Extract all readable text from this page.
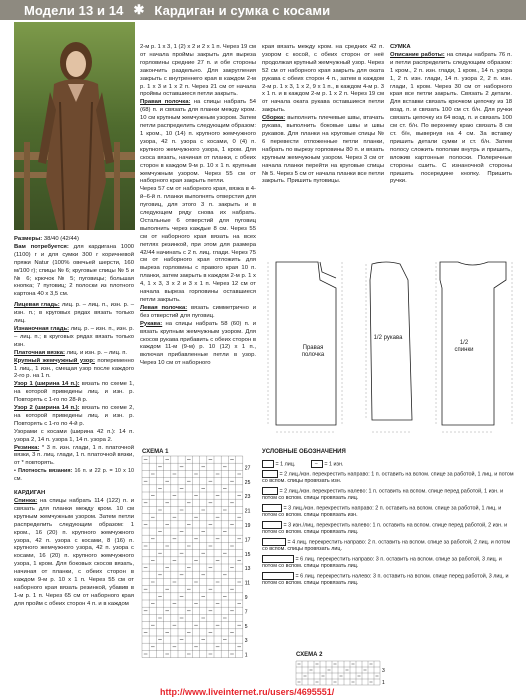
Модели 13 и 14 ✱ Кардиган и сумка с косами

Размеры: 38/40 (42/44)

Вам потребуется: для кардигана 1000 (1100) г и для сумки 300 г коричневой пряжи Natur (100% овечьей шерсти, 160 м/100 г); спицы № 6; круговые спицы № 5 и № 6; крючок № 5; пуговицы; большая кнопка; 7 пуговиц; 2 полоски из плотного картона 40 х 3,5 см.

Лицевая гладь: лиц. р. – лиц. п., изн. р. – изн. п.; в круговых рядах вязать только лиц.

Изнаночная гладь: лиц. р. – изн. п., изн. р. – лиц. п.; в круговых рядах вязать только изн.

Платочная вязка: лиц. и изн. р. – лиц. п.

Крупный жемчужный узор: попеременно 1 лиц., 1 изн., смещая узор после каждого 2-го р. на 1 п.

Узор 1 (ширина 14 п.): вязать по схеме 1, на которой приведены лиц. и изн. р. Повторять с 1-го по 28-й р.

Узор 2 (ширина 14 п.): вязать по схеме 2, на которой приведены лиц. и изн. р. Повторять с 1-го по 4-й р.

Узорами с косами (ширина 42 п.): 14 п. узора 2, 14 п. узора 1, 14 п. узора 2.

Резинка: * 3 п. изн. глади, 1 п. платочной вязки, 3 п. лиц. глади, 1 п. платочной вязки, от * повторять.

• Плотность вязания: 16 п. и 22 р. = 10 х 10 см.

КАРДИГАН

Спинка: на спицы набрать 114 (122) п. и связать для планки между кром. 10 см крупным жемчужным узором. Затем петли распределить следующим образом: 1 кром., 16 (20) п. крупного жемчужного узора, 42 п. узора с косами, 8 (16) п. крупного жемчужного узора, 42 п. узора с косами, 16 (20) п. крупного жемчужного узора, 1 кром. Для боковых скосов вязать, начиная от планки, с обеих сторон в каждом 9-м р. 10 х 1 п. Через 55 см от наборного края вязать резинкой, убавив в 1-м р. 1 п. Через 65 см от наборного края для пройм с обеих сторон 4 п. и в каждом

2-м р. 1 х 3, 1 (2) х 2 и 2 х 1 п. Через 19 см от начала проймы закрыть для выреза горловины средние 27 п. и обе стороны закончить раздельно. Для закругления закрыть с внутреннего края в каждом 2-м р. 1 х 3 и 1 х 2 п. Через 21 см от начала проймы оставшиеся петли закрыть.

Правая полочка: на спицы набрать 54 (68) п. и связать для планки между кром. 10 см крупным жемчужным узором. Затем петли распределить следующим образом: 1 кром., 10 (14) п. крупного жемчужного узора, 42 п. узора с косами, 0 (4) п. крупного жемчужного узора, 1 кром. Для скоса вязать, начиная от планки, с обеих сторон в каждом 9-м р. 10 х 1 п. крупным жемчужным узором. Через 55 см от наборного края закрыть петли.

Через 57 см от наборного края, вязка в 4-й–6-й п. планки выполнять отверстия для пуговиц, для этого 3 п. закрыть и в следующем ряду снова их набрать. Остальные 6 отверстий для пуговиц выполнить через каждые 8 см. Через 55 см от наборного края вязать на всех петлях резинкой, при этом для размера 42/44 начинать с 2 п. лиц. глади. Через 75 см от наборного края отложить для выреза горловины с правого края 10 п. планки, затем закрыть в каждом 2-м р. 1 х 4, 1 х 3, 3 х 2 и 3 х 1 п. Через 12 см от начала выреза горловины оставшиеся петли закрыть.

Левая полочка: вязать симметрично и без отверстий для пуговиц.

Рукава: на спицы набрать 58 (60) п. и вязать крупным жемчужным узором. Для скосов рукава прибавить с обеих сторон в каждом 11-м (9-м) р. 10 (12) х 1 п., включая прибавленные петли в узор. Через 10 см от наборного

края вязать между кром. на средних 42 п. узором с косой, с обеих сторон от неё продолжая крупный жемчужный узор. Через 52 см от наборного края закрыть для оката рукава с обеих сторон 4 п., затем в каждом 2-м р. 1 х 3, 1 х 2, 9 х 1 п., в каждом 4-м р. 3 х 1 п. и в каждом 2-м р. 1 х 2 п. Через 19 см от начала оката рукава оставшиеся петли закрыть.

Сборка: выполнить плечевые швы, втачать рукава, выполнить боковые швы и швы рукавов. Для планки на круговые спицы № 6 перевести отложенные петли планки, набрать по вырезу горловины 80 п. и вязать крупным жемчужным узором. Через 3 см от начала планки перейти на круговые спицы № 5. Через 5 см от начала планки все петли закрыть. Пришить пуговицы.

СУМКА

Описание работы: на спицы набрать 76 п. и петли распределить следующим образом: 1 кром., 2 п. изн. глади, 1 кром., 14 п. узора 1, 2 п. изн. глади, 14 п. узора 2, 2 п. изн. глади, 1 кром. Через 30 см от наборного края все петли закрыть. Связать 2 детали. Для вставки связать крючком цепочку из 18 возд. п. и связать 100 см ст. б/н. Для ручки связать цепочку из 64 возд. п. и связать 100 см ст. б/н. По верхнему краю связать 8 см ст. б/н, вывернув на 4 см. За вставку пришить детали сумки и ст. б/н. Затем полосу сложить пополам внутрь и пришить, вложив картонные полоски. Полеречные стороны сшить. С изнаночной стороны пришить посередине кнопку. Пришить ручки.

Правая полочка
1/2 рукава
1/2 спинки
СХЕМА 1
1
3
5
7
9
11
13
15
17
19
21
23
25
27
УСЛОВНЫЕ ОБОЗНАЧЕНИЯ
= 1 лиц.	– = 1 изн.

= 2 лиц./изн. перекрестить направо: 1 п. оставить на вспом. спице за работой, 1 лиц. и потом со вспом. спицы провязать изн.

= 2 лиц./изн. перекрестить налево: 1 п. оставить на вспом. спице перед работой, 1 изн. и потом со вспом. спицы провязать лиц.

= 3 лиц./изн. перекрестить направо: 2 п. оставить на вспом. спице за работой, 1 лиц. и потом со вспом. спицы провязать изн.

= 3 изн./лиц. перекрестить налево: 1 п. оставить на вспом. спице перед работой, 2 изн. и потом со вспом. спицы провязать лиц.

= 4 лиц. перекрестить направо: 2 п. оставить на вспом. спице за работой, 2 лиц. и потом со вспом. спицы провязать лиц.

= 6 лиц. перекрестить направо: 3 п. оставить на вспом. спице за работой, 3 лиц. и потом со вспом. спицы провязать лиц.

= 6 лиц. перекрестить налево: 3 п. оставить на вспом. спице перед работой, 3 лиц. и потом со вспом. спицы провязать лиц.

СХЕМА 2
1
3
http://www.liveinternet.ru/users/4695551/
